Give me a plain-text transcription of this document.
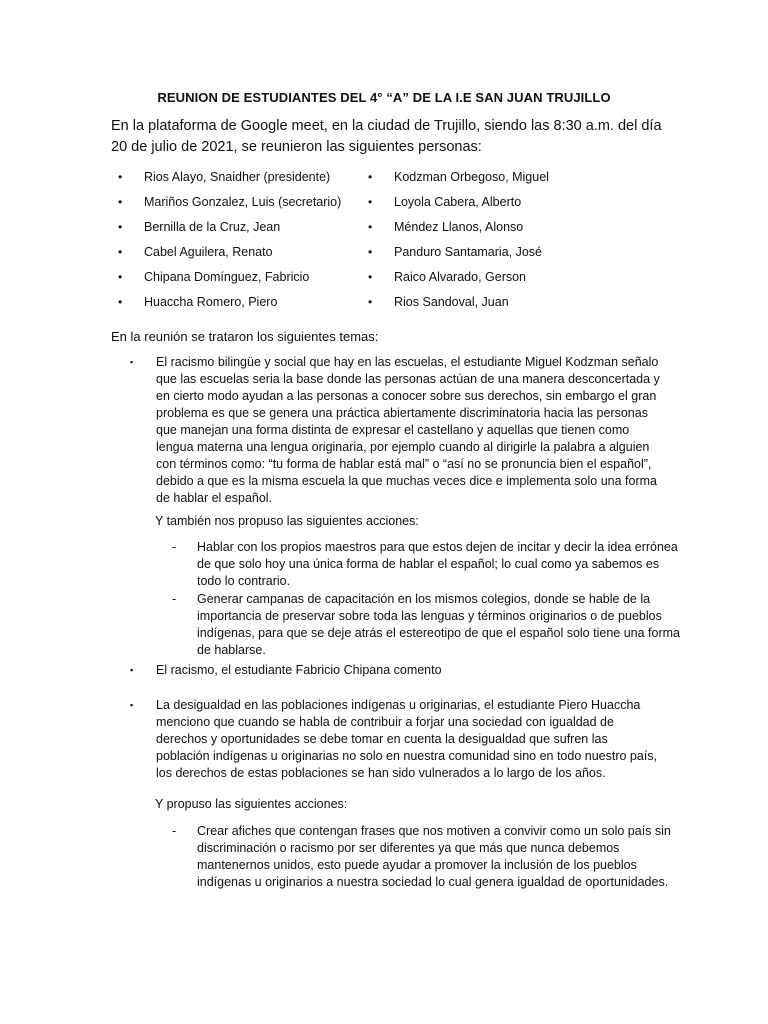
REUNION DE ESTUDIANTES DEL 4° “A” DE LA I.E SAN JUAN TRUJILLO
En la plataforma de Google meet, en la ciudad de Trujillo, siendo las 8:30 a.m. del día 20 de julio de 2021, se reunieron las siguientes personas:
• Rios Alayo, Snaidher (presidente)
• Mariños Gonzalez, Luis (secretario)
• Bernilla de la Cruz, Jean
• Cabel Aguilera, Renato
• Chipana Domínguez, Fabricio
• Huaccha Romero, Piero
• Kodzman Orbegoso, Miguel
• Loyola Cabera, Alberto
• Méndez Llanos, Alonso
• Panduro Santamaria, José
• Raico Alvarado, Gerson
• Rios Sandoval, Juan
En la reunión se trataron los siguientes temas:
▪	El racismo bilingüe y social que hay en las escuelas, el estudiante Miguel Kodzman señalo que las escuelas seria la base donde las personas actúan de una manera desconcertada y en cierto modo ayudan a las personas a conocer sobre sus derechos, sin embargo el gran problema es que se genera una práctica abiertamente discriminatoria hacia las personas que manejan una forma distinta de expresar el castellano y aquellas que tienen como lengua materna una lengua originaria, por ejemplo cuando al dirigirle la palabra a alguien con términos como: “tu forma de hablar está mal” o “así no se pronuncia bien el español”, debido a que es la misma escuela la que muchas veces dice e implementa solo una forma de hablar el español.
Y también nos propuso las siguientes acciones:
-	Hablar con los propios maestros para que estos dejen de incitar y decir la idea errónea de que solo hoy una única forma de hablar el español; lo cual como ya sabemos es todo lo contrario.
-	Generar campanas de capacitación en los mismos colegios, donde se hable de la importancia de preservar sobre toda las lenguas y términos originarios o de pueblos indígenas, para que se deje atrás el estereotipo de que el español solo tiene una forma de hablarse.
▪	El racismo, el estudiante Fabricio Chipana comento
▪	La desigualdad en las poblaciones indígenas u originarias, el estudiante Piero Huaccha menciono que cuando se habla de contribuir a forjar una sociedad con igualdad de derechos y oportunidades se debe tomar en cuenta la desigualdad que sufren las población indígenas u originarias no solo en nuestra comunidad sino en todo nuestro país, los derechos de estas poblaciones se han sido vulnerados a lo largo de los años.
Y propuso las siguientes acciones:
-	Crear afiches que contengan frases que nos motiven a convivir como un solo país sin discriminación o racismo por ser diferentes ya que más que nunca debemos mantenernos unidos, esto puede ayudar a promover la inclusión de los pueblos indígenas u originarios a nuestra sociedad lo cual genera igualdad de oportunidades.
